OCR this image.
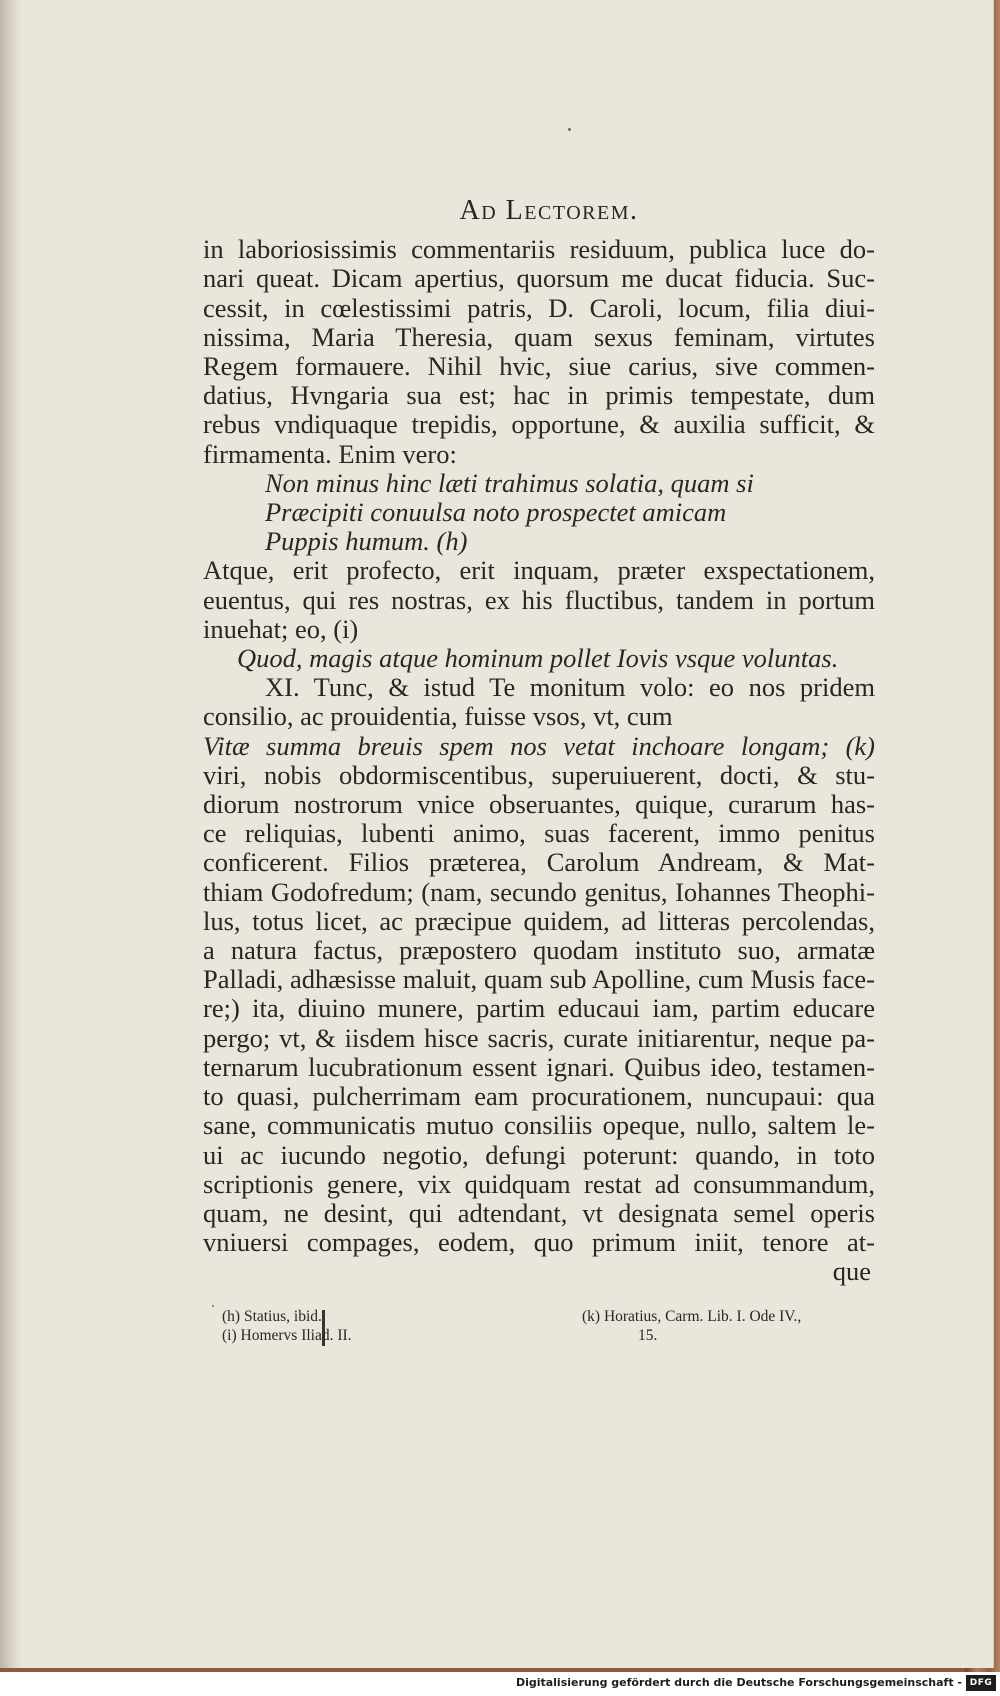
Ad Lectorem.
in laboriosissimis commentariis residuum, publica luce do-
nari queat. Dicam apertius, quorsum me ducat fiducia. Suc-
cessit, in cœlestissimi patris, D. Caroli, locum, filia diui-
nissima, Maria Theresia, quam sexus feminam, virtutes
Regem formauere. Nihil hvic, siue carius, sive commen-
datius, Hvngaria sua est; hac in primis tempestate, dum
rebus vndiquaque trepidis, opportune, & auxilia sufficit, &
firmamenta. Enim vero:
Non minus hinc læti trahimus solatia, quam si
Præcipiti conuulsa noto prospectet amicam
Puppis humum. (h)
Atque, erit profecto, erit inquam, præter exspectationem,
euentus, qui res nostras, ex his fluctibus, tandem in portum
inuehat; eo, (i)
Quod, magis atque hominum pollet Iovis vsque voluntas.
XI. Tunc, & istud Te monitum volo: eo nos pridem
consilio, ac prouidentia, fuisse vsos, vt, cum
Vitæ summa breuis spem nos vetat inchoare longam; (k)
viri, nobis obdormiscentibus, superuiuerent, docti, & stu-
diorum nostrorum vnice obseruantes, quique, curarum has-
ce reliquias, lubenti animo, suas facerent, immo penitus
conficerent. Filios præterea, Carolum Andream, & Mat-
thiam Godofredum; (nam, secundo genitus, Iohannes Theophi-
lus, totus licet, ac præcipue quidem, ad litteras percolendas,
a natura factus, præpostero quodam instituto suo, armatæ
Palladi, adhæsisse maluit, quam sub Apolline, cum Musis face-
re;) ita, diuino munere, partim educaui iam, partim educare
pergo; vt, & iisdem hisce sacris, curate initiarentur, neque pa-
ternarum lucubrationum essent ignari. Quibus ideo, testamen-
to quasi, pulcherrimam eam procurationem, nuncupaui: qua
sane, communicatis mutuo consiliis opeque, nullo, saltem le-
ui ac iucundo negotio, defungi poterunt: quando, in toto
scriptionis genere, vix quidquam restat ad consummandum,
quam, ne desint, qui adtendant, vt designata semel operis
vniuersi compages, eodem, quo primum iniit, tenore at-
que
(h) Statius, ibid.
(i) Homervs Iliad. II.
(k) Horatius, Carm. Lib. I. Ode IV.,
15.
Digitalisierung gefördert durch die Deutsche Forschungsgemeinschaft - DFG
